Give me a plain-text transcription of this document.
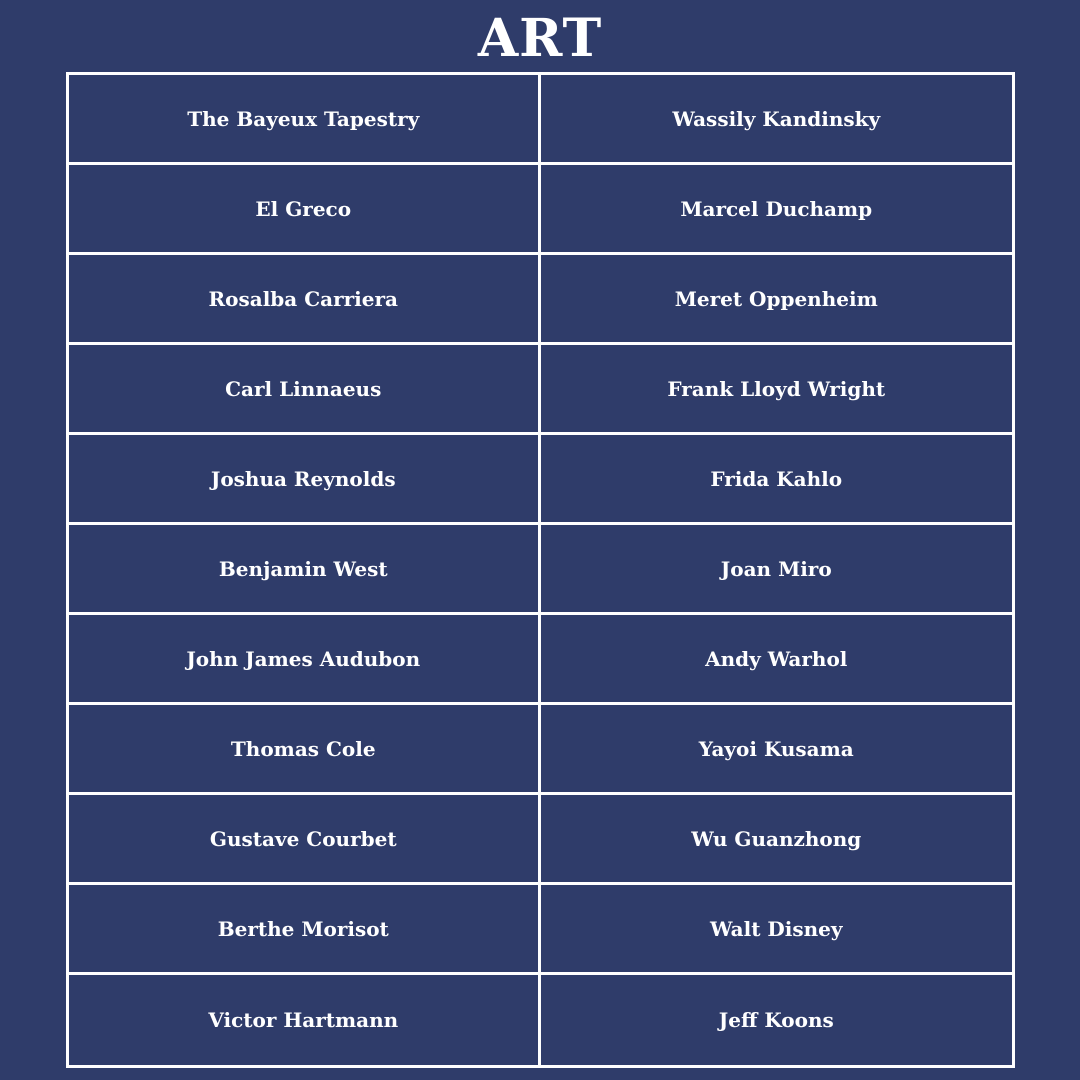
ART
The Bayeux Tapestry	Wassily Kandinsky
El Greco	Marcel Duchamp
Rosalba Carriera	Meret Oppenheim
Carl Linnaeus	Frank Lloyd Wright
Joshua Reynolds	Frida Kahlo
Benjamin West	Joan Miro
John James Audubon	Andy Warhol
Thomas Cole	Yayoi Kusama
Gustave Courbet	Wu Guanzhong
Berthe Morisot	Walt Disney
Victor Hartmann	Jeff Koons
